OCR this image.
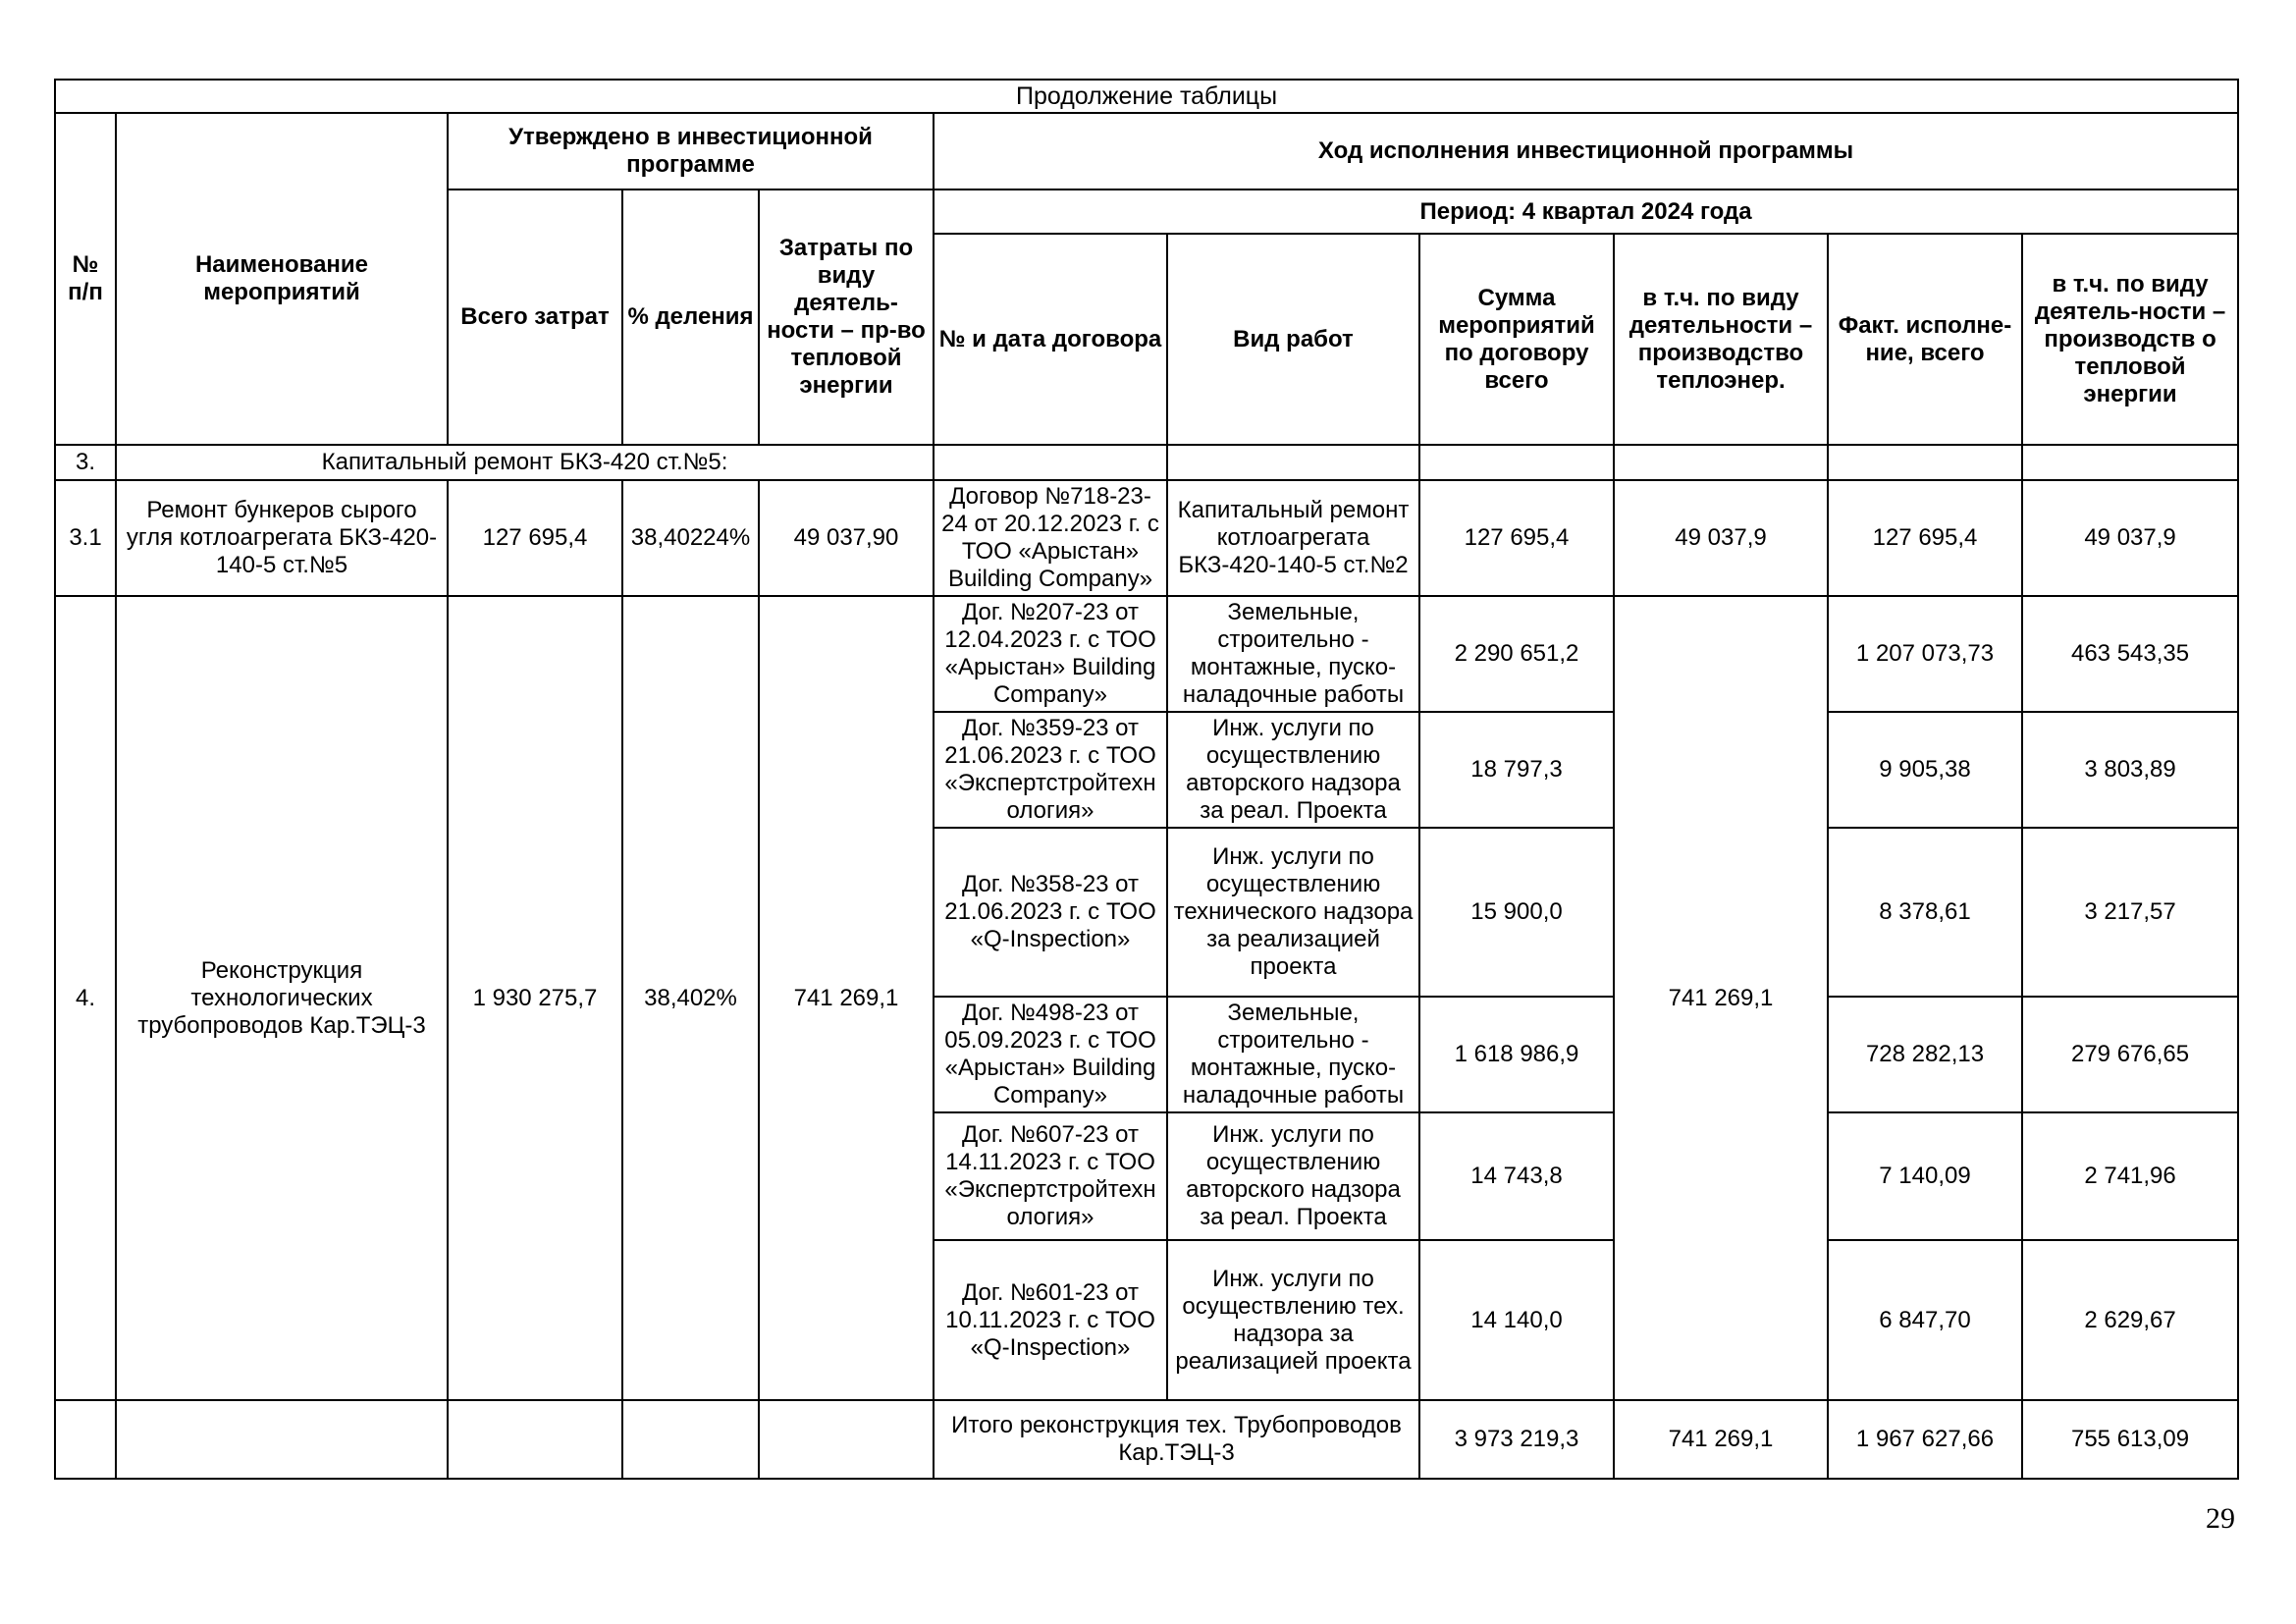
Продолжение таблицы										
№ п/п	Наименование мероприятий	Утверждено в инвестиционной программе			Ход исполнения инвестиционной программы					
		Всего затрат	% деления	Затраты по виду деятель-ности – пр-во тепловой энергии	Период: 4 квартал 2024 года					
					№ и дата договора	Вид работ	Сумма мероприятий по договору всего	в т.ч. по виду деятельности – производство теплоэнер.	Факт. исполне-ние, всего	в т.ч. по виду деятель-ности – производств о тепловой энергии
3.	Капитальный ремонт БКЗ-420 ст.№5:									
3.1	Ремонт бункеров сырого угля котлоагрегата БКЗ-420-140-5 ст.№5	127 695,4	38,40224%	49 037,90	Договор №718-23-24 от 20.12.2023 г. с ТОО «Арыстан» Building Company»	Капитальный ремонт котлоагрегата БКЗ-420-140-5 ст.№2	127 695,4	49 037,9	127 695,4	49 037,9
4.	Реконструкция технологических трубопроводов Кар.ТЭЦ-3	1 930 275,7	38,402%	741 269,1	Дог. №207-23 от 12.04.2023 г. с ТОО «Арыстан» Building Company»	Земельные, строительно - монтажные, пуско-наладочные работы	2 290 651,2	741 269,1	1 207 073,73	463 543,35
					Дог. №359-23 от 21.06.2023 г. с ТОО «Экспертстройтехн ология»	Инж. услуги по осуществлению авторского надзора за реал. Проекта	18 797,3		9 905,38	3 803,89
					Дог. №358-23 от 21.06.2023 г. с ТОО «Q-Inspection»	Инж. услуги по осуществлению технического надзора за реализацией проекта	15 900,0		8 378,61	3 217,57
					Дог. №498-23 от 05.09.2023 г. с ТОО «Арыстан» Building Company»	Земельные, строительно - монтажные, пуско-наладочные работы	1 618 986,9		728 282,13	279 676,65
					Дог. №607-23 от 14.11.2023 г. с ТОО «Экспертстройтехн ология»	Инж. услуги по осуществлению авторского надзора за реал. Проекта	14 743,8		7 140,09	2 741,96
					Дог. №601-23 от 10.11.2023 г. с ТОО «Q-Inspection»	Инж. услуги по осуществлению тех. надзора за реализацией проекта	14 140,0		6 847,70	2 629,67
					Итого реконструкция тех. Трубопроводов Кар.ТЭЦ-3		3 973 219,3	741 269,1	1 967 627,66	755 613,09
29
